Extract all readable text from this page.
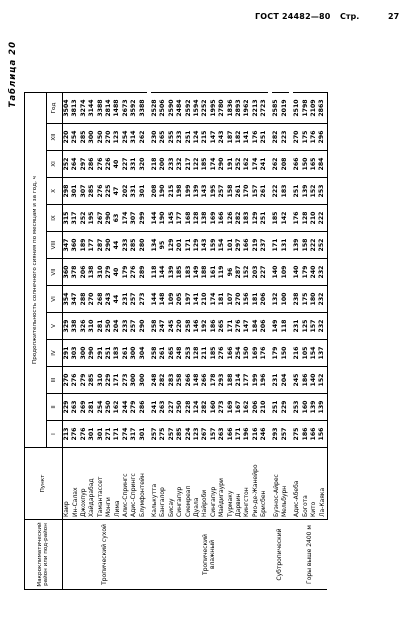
ГОСТ 24482—80 Стр.	27
Таблица 20
Макроклиматический район или под-район	Пункт	Продолжительность солнечного сияния по месяцам и за год, ч												
		I	II	III	IV	V	VI	VII	VIII	IX	X	XI	XII	Год
Тропический сухой	Каир	213	229	270	291	329	354	360	347	315	298	252	220	3504
	Ин-Салах	276	263	276	303	338	347	378	360	317	301	264	254	3813
	Джохпур	276	269	279	300	326	288	206	189	252	307	297	285	3274
	Хайдарабад	301	281	285	290	310	270	138	177	195	285	286	300	3144
	Тамантассет	301	254	310	291	281	268	310	287	267	276	276	250	3388
	Монги	271	250	229	251	250	243	279	290	290	225	226	270	2814
	Лима	171	162	171	183	204	44	40	44	63	47	40	123	1488
	Алис-Спрингс	274	244	273	261	233	231	179	233	174	202	227	254	2673
	Адис-Спрингс	317	279	300	300	257	257	276	285	307	331	331	314	3592
	Блумфонтейн	301	286	300	304	290	273	289	280	299	301	320	262	3388

Тропический влажный	Калькутта	257	241	248	258	258	144	118	134	144	208	218	230	2528
	Бангалор	275	263	282	261	247	148	144	95	190	190	200	265	2506
	Бисау	257	227	283	265	245	109	139	129	145	215	233	255	2590
	Сингапур	285	250	258	248	220	205	185	201	177	198	232	233	2484
	Сиемреап	224	228	266	253	258	197	183	171	168	199	217	251	2592
	Дуала	123	124	148	128	146	141	149	129	128	139	122	124	1594
	Найроби	267	282	266	211	192	210	188	143	138	143	185	215	2252
	Сингапур	157	160	178	185	186	174	161	159	169	195	174	147	1995
	Майдигаури	263	273	293	276	265	181	119	154	166	257	290	243	2780
	Турмаку	166	169	188	166	171	107	96	101	126	158	191	187	1836
	Дарвин	171	167	214	254	276	270	287	297	282	261	252	182	2893
	Кингстон	196	162	177	150	147	156	152	166	183	170	162	141	1962
	Рио-де-Жанейро	216	206	199	169	184	181	203	219	129	157	174	176	2213
	Брисбен	246	210	196	176	206	206	227	237	251	261	241	251	2723

Субтропический	Буэнос-Айрес	293	251	231	179	149	132	140	171	185	222	262	282	2585
	Мельбурн	257	229	204	150	118	100	109	131	142	183	208	223	2019

Горы выше 2400 м	Адис-Абеба	275	253	245	216	231	238	140	139	176	251	266	270	2510
	Богота	186	160	186	105	125	175	179	158	128	139	150	175	1798
	Кито	166	139	140	154	157	180	240	222	210	152	165	176	2109
	Ла-Каяка	156	139	152	137	232	232	232	252	222	253	284	296	2863
